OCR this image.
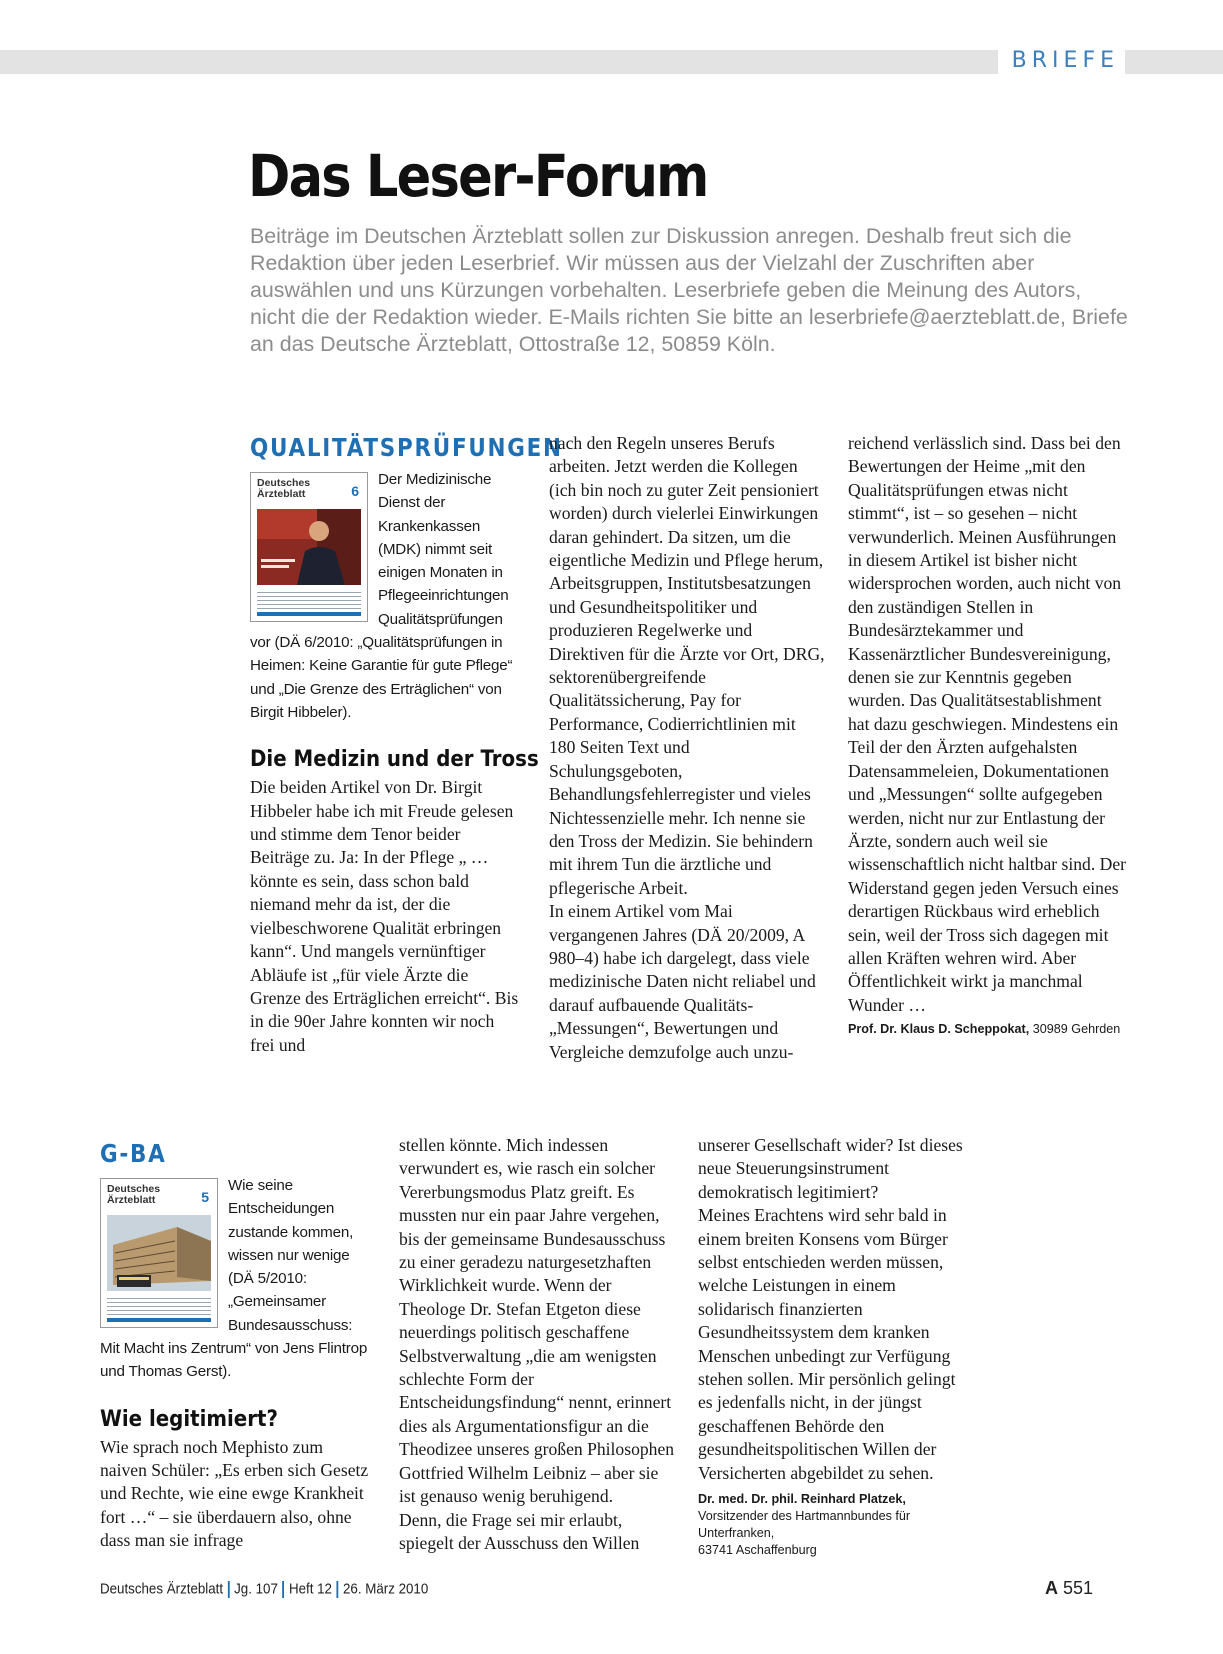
BRIEFE
Das Leser-Forum
Beiträge im Deutschen Ärzteblatt sollen zur Diskussion anregen. Deshalb freut sich die Redaktion über jeden Leserbrief. Wir müssen aus der Vielzahl der Zuschriften aber auswählen und uns Kürzungen vorbehalten. Leserbriefe geben die Meinung des Autors, nicht die der Redaktion wieder. E-Mails richten Sie bitte an leserbriefe@aerzteblatt.de, Briefe an das Deutsche Ärzteblatt, Ottostraße 12, 50859 Köln.
QUALITÄTSPRÜFUNGEN
Deutsches
Ärzteblatt	6

Der Medizinische Dienst der Krankenkassen (MDK) nimmt seit einigen Monaten in Pflegeeinrichtungen Qualitätsprüfungen vor (DÄ 6/2010: „Qualitätsprüfungen in Heimen: Keine Garantie für gute Pflege“ und „Die Grenze des Erträglichen“ von Birgit Hibbeler).

Die Medizin und der Tross

Die beiden Artikel von Dr. Birgit Hibbeler habe ich mit Freude gelesen und stimme dem Tenor beider Beiträge zu. Ja: In der Pflege „ … könnte es sein, dass schon bald niemand mehr da ist, der die vielbeschworene Qualität erbringen kann“. Und mangels vernünftiger Abläufe ist „für viele Ärzte die Grenze des Erträglichen erreicht“. Bis in die 90er Jahre konnten wir noch frei und

nach den Regeln unseres Berufs arbeiten. Jetzt werden die Kollegen (ich bin noch zu guter Zeit pensioniert worden) durch vielerlei Einwirkungen daran gehindert. Da sitzen, um die eigentliche Medizin und Pflege herum, Arbeitsgruppen, Institutsbesatzungen und Gesundheitspolitiker und produzieren Regelwerke und Direktiven für die Ärzte vor Ort, DRG, sektorenübergreifende Qualitätssicherung, Pay for Performance, Codierrichtlinien mit 180 Seiten Text und Schulungsgeboten, Behandlungsfehlerregister und vieles Nichtessenzielle mehr. Ich nenne sie den Tross der Medizin. Sie behindern mit ihrem Tun die ärztliche und pflegerische Arbeit.

In einem Artikel vom Mai vergangenen Jahres (DÄ 20/2009, A 980–4) habe ich dargelegt, dass viele medizinische Daten nicht reliabel und darauf aufbauende Qualitäts-„Messungen“, Bewertungen und Vergleiche demzufolge auch unzu-

reichend verlässlich sind. Dass bei den Bewertungen der Heime „mit den Qualitätsprüfungen etwas nicht stimmt“, ist – so gesehen – nicht verwunderlich. Meinen Ausführungen in diesem Artikel ist bisher nicht widersprochen worden, auch nicht von den zuständigen Stellen in Bundesärztekammer und Kassenärztlicher Bundesvereinigung, denen sie zur Kenntnis gegeben wurden. Das Qualitätsestablishment hat dazu geschwiegen. Mindestens ein Teil der den Ärzten aufgehalsten Datensammeleien, Dokumentationen und „Messungen“ sollte aufgegeben werden, nicht nur zur Entlastung der Ärzte, sondern auch weil sie wissenschaftlich nicht haltbar sind. Der Widerstand gegen jeden Versuch eines derartigen Rückbaus wird erheblich sein, weil der Tross sich dagegen mit allen Kräften wehren wird. Aber Öffentlichkeit wirkt ja manchmal Wunder …

Prof. Dr. Klaus D. Scheppokat, 30989 Gehrden

G-BA
Deutsches
Ärzteblatt	5

Wie seine Entscheidungen zustande kommen, wissen nur wenige (DÄ 5/2010: „Gemeinsamer Bundesausschuss: Mit Macht ins Zentrum“ von Jens Flintrop und Thomas Gerst).

Wie legitimiert?

Wie sprach noch Mephisto zum naiven Schüler: „Es erben sich Gesetz und Rechte, wie eine ewge Krankheit fort …“ – sie überdauern also, ohne dass man sie infrage

stellen könnte. Mich indessen verwundert es, wie rasch ein solcher Vererbungsmodus Platz greift. Es mussten nur ein paar Jahre vergehen, bis der gemeinsame Bundesausschuss zu einer geradezu naturgesetzhaften Wirklichkeit wurde. Wenn der Theologe Dr. Stefan Etgeton diese neuerdings politisch geschaffene Selbstverwaltung „die am wenigsten schlechte Form der Entscheidungsfindung“ nennt, erinnert dies als Argumentationsfigur an die Theodizee unseres großen Philosophen Gottfried Wilhelm Leibniz – aber sie ist genauso wenig beruhigend.

Denn, die Frage sei mir erlaubt, spiegelt der Ausschuss den Willen

unserer Gesellschaft wider? Ist dieses neue Steuerungsinstrument demokratisch legitimiert?

Meines Erachtens wird sehr bald in einem breiten Konsens vom Bürger selbst entschieden werden müssen, welche Leistungen in einem solidarisch finanzierten Gesundheitssystem dem kranken Menschen unbedingt zur Verfügung stehen sollen. Mir persönlich gelingt es jedenfalls nicht, in der jüngst geschaffenen Behörde den gesundheitspolitischen Willen der Versicherten abgebildet zu sehen.

Dr. med. Dr. phil. Reinhard Platzek, Vorsitzender des Hartmannbundes für Unterfranken,
63741 Aschaffenburg

Deutsches Ärzteblatt Jg. 107 Heft 12 26. März 2010	A 551
